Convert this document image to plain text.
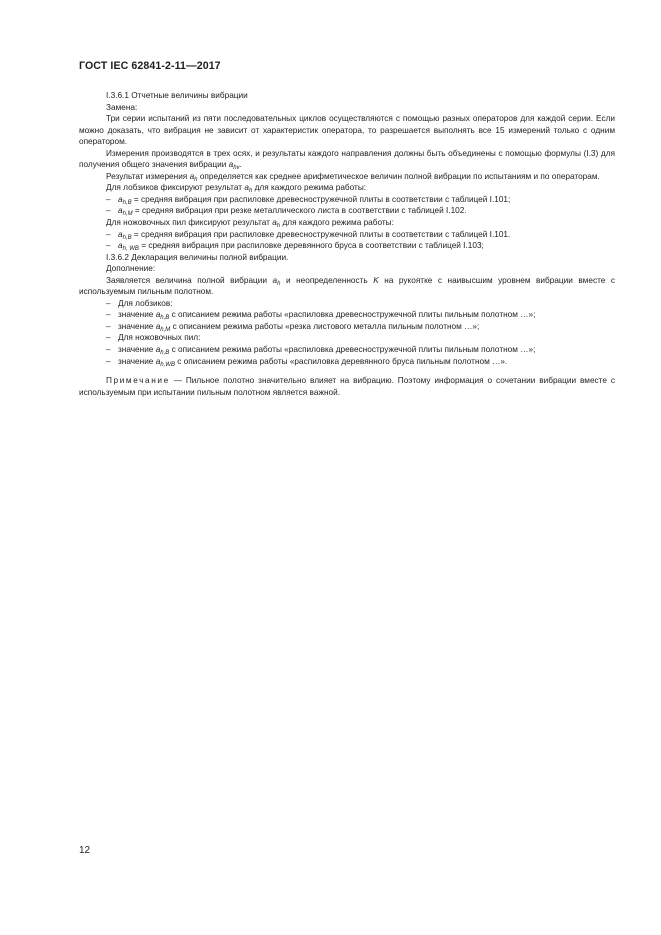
ГОСТ IEC 62841-2-11—2017

I.3.6.1 Отчетные величины вибрации

Замена:

Три серии испытаний из пяти последовательных циклов осуществляются с помощью разных операторов для каждой серии. Если можно доказать, что вибрация не зависит от характеристик оператора, то разрешается выполнять все 15 измерений только с одним оператором.

Измерения производятся в трех осях, и результаты каждого направления должны быть объединены с помощью формулы (I.3) для получения общего значения вибрации $a_{hv}$.

Результат измерения $a_h$ определяется как среднее арифметическое величин полной вибрации по испытаниям и по операторам.

Для лобзиков фиксируют результат $a_h$ для каждого режима работы:

– $a_{h,B}$ = средняя вибрация при распиловке древесностружечной плиты в соответствии с таблицей I.101;

– $a_{h,M}$ = средняя вибрация при резке металлического листа в соответствии с таблицей I.102.

Для ножовочных пил фиксируют результат $a_h$ для каждого режима работы:

– $a_{h,B}$ = средняя вибрация при распиловке древесностружечной плиты в соответствии с таблицей I.101.

– $a_{h, WB}$ = средняя вибрация при распиловке деревянного бруса в соответствии с таблицей I.103;

I.3.6.2 Декларация величины полной вибрации.

Дополнение:

Заявляется величина полной вибрации $a_h$ и неопределенность K на рукоятке с наивысшим уровнем вибрации вместе с используемым пильным полотном.

– Для лобзиков:

– значение $a_{h,B}$ с описанием режима работы «распиловка древесностружечной плиты пильным полотном …»;

– значение $a_{h,M}$ с описанием режима работы «резка листового металла пильным полотном …»;

– Для ножовочных пил:

– значение $a_{h,B}$ с описанием режима работы «распиловка древесностружечной плиты пильным полотном …»;

– значение $a_{h,WB}$ с описанием режима работы «распиловка деревянного бруса пильным полотном …».

Примечание — Пильное полотно значительно влияет на вибрацию. Поэтому информация о сочетании вибрации вместе с используемым при испытании пильным полотном является важной.

12
